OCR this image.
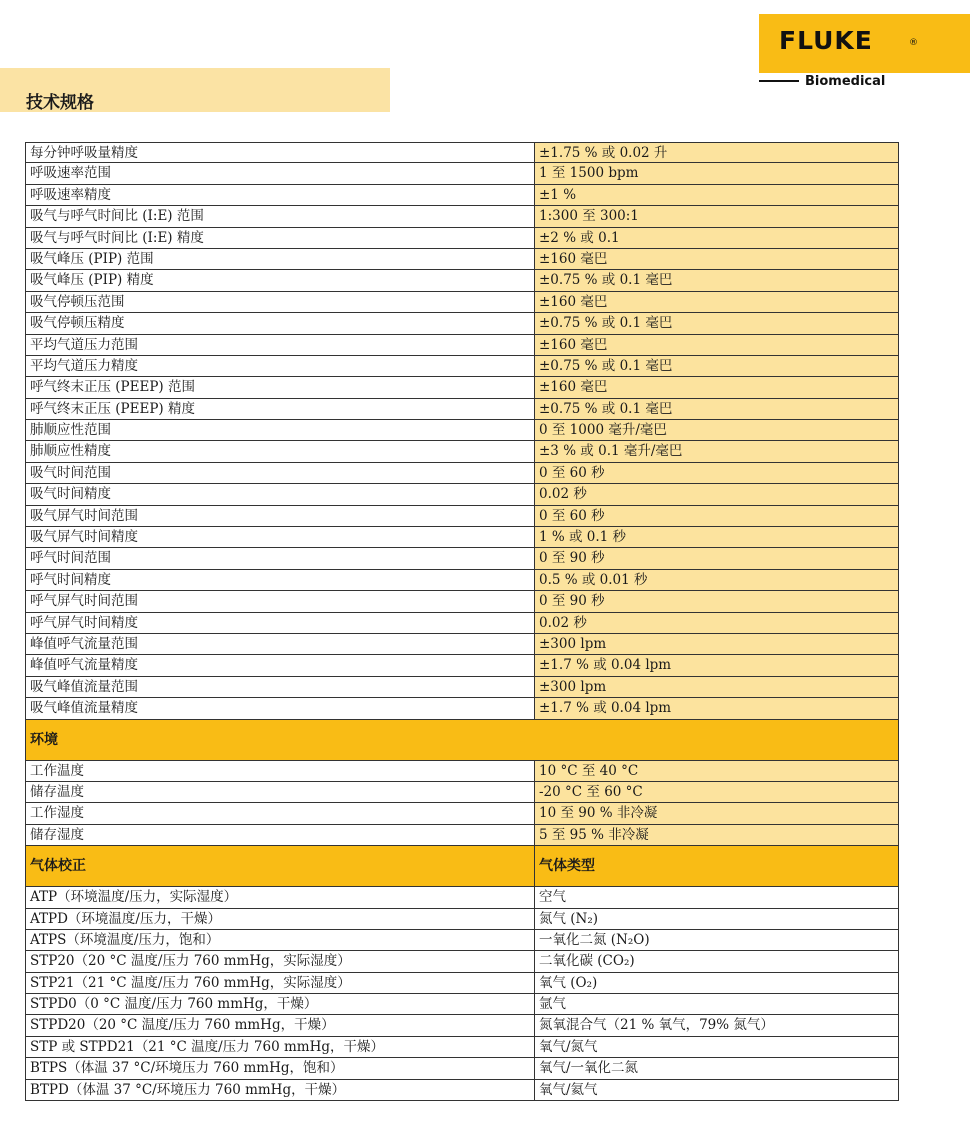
FLUKE	®
Biomedical
技术规格
每分钟呼吸量精度	±1.75 % 或 0.02 升
呼吸速率范围	1 至 1500 bpm
呼吸速率精度	±1 %
吸气与呼气时间比 (I:E) 范围	1:300 至 300:1
吸气与呼气时间比 (I:E) 精度	±2 % 或 0.1
吸气峰压 (PIP) 范围	±160 毫巴
吸气峰压 (PIP) 精度	±0.75 % 或 0.1 毫巴
吸气停顿压范围	±160 毫巴
吸气停顿压精度	±0.75 % 或 0.1 毫巴
平均气道压力范围	±160 毫巴
平均气道压力精度	±0.75 % 或 0.1 毫巴
呼气终末正压 (PEEP) 范围	±160 毫巴
呼气终末正压 (PEEP) 精度	±0.75 % 或 0.1 毫巴
肺顺应性范围	0 至 1000 毫升/毫巴
肺顺应性精度	±3 % 或 0.1 毫升/毫巴
吸气时间范围	0 至 60 秒
吸气时间精度	0.02 秒
吸气屏气时间范围	0 至 60 秒
吸气屏气时间精度	1 % 或 0.1 秒
呼气时间范围	0 至 90 秒
呼气时间精度	0.5 % 或 0.01 秒
呼气屏气时间范围	0 至 90 秒
呼气屏气时间精度	0.02 秒
峰值呼气流量范围	±300 lpm
峰值呼气流量精度	±1.7 % 或 0.04 lpm
吸气峰值流量范围	±300 lpm
吸气峰值流量精度	±1.7 % 或 0.04 lpm
环境
工作温度	10 °C 至 40 °C
储存温度	-20 °C 至 60 °C
工作湿度	10 至 90 % 非冷凝
储存湿度	5 至 95 % 非冷凝
气体校正	气体类型
ATP（环境温度/压力，实际湿度）	空气
ATPD（环境温度/压力，干燥）	氮气 (N₂)
ATPS（环境温度/压力，饱和）	一氧化二氮 (N₂O)
STP20（20 °C 温度/压力 760 mmHg，实际湿度）	二氧化碳 (CO₂)
STP21（21 °C 温度/压力 760 mmHg，实际湿度）	氧气 (O₂)
STPD0（0 °C 温度/压力 760 mmHg，干燥）	氩气
STPD20（20 °C 温度/压力 760 mmHg，干燥）	氮氧混合气（21 % 氧气，79% 氮气）
STP 或 STPD21（21 °C 温度/压力 760 mmHg，干燥）	氧气/氮气
BTPS（体温 37 °C/环境压力 760 mmHg，饱和）	氧气/一氧化二氮
BTPD（体温 37 °C/环境压力 760 mmHg，干燥）	氧气/氦气
